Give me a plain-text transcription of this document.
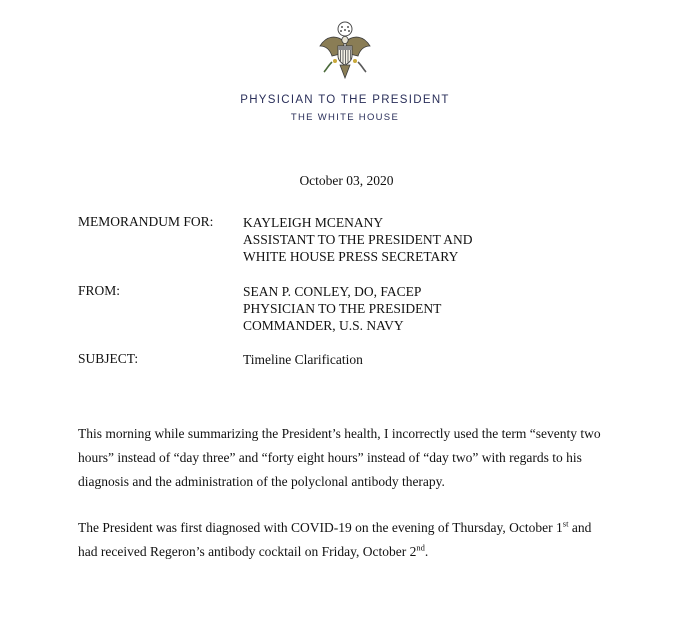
PHYSICIAN TO THE PRESIDENT
THE WHITE HOUSE
October 03, 2020
MEMORANDUM FOR: KAYLEIGH MCENANY
ASSISTANT TO THE PRESIDENT AND
WHITE HOUSE PRESS SECRETARY
FROM:	SEAN P. CONLEY, DO, FACEP
PHYSICIAN TO THE PRESIDENT
COMMANDER, U.S. NAVY
SUBJECT:	Timeline Clarification
This morning while summarizing the President’s health, I incorrectly used the term “seventy two
hours” instead of “day three” and “forty eight hours” instead of “day two” with regards to his
diagnosis and the administration of the polyclonal antibody therapy.
The President was first diagnosed with COVID-19 on the evening of Thursday, October 1st and
had received Regeron’s antibody cocktail on Friday, October 2nd.
